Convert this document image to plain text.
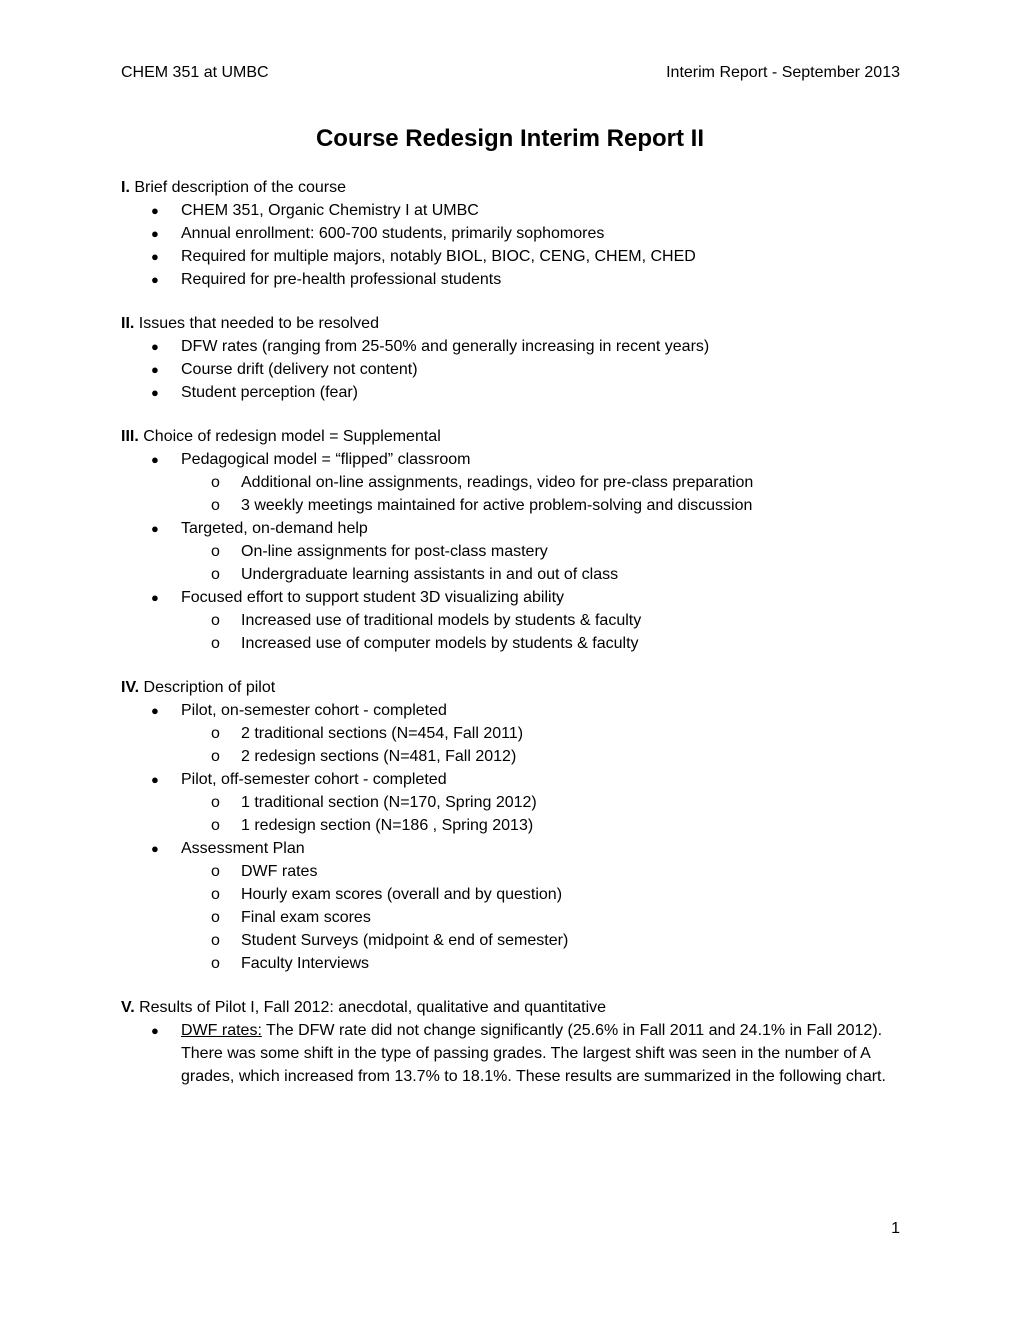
CHEM 351 at UMBC	Interim Report - September 2013
Course Redesign Interim Report II

I. Brief description of the course

● CHEM 351, Organic Chemistry I at UMBC
● Annual enrollment: 600-700 students, primarily sophomores
● Required for multiple majors, notably BIOL, BIOC, CENG, CHEM, CHED
● Required for pre-health professional students

II. Issues that needed to be resolved

● DFW rates (ranging from 25-50% and generally increasing in recent years)
● Course drift (delivery not content)
● Student perception (fear)

III. Choice of redesign model = Supplemental

● Pedagogical model = “flipped” classroom
o Additional on-line assignments, readings, video for pre-class preparation
o 3 weekly meetings maintained for active problem-solving and discussion
● Targeted, on-demand help
o On-line assignments for post-class mastery
o Undergraduate learning assistants in and out of class
● Focused effort to support student 3D visualizing ability
o Increased use of traditional models by students & faculty
o Increased use of computer models by students & faculty

IV. Description of pilot

● Pilot, on-semester cohort - completed
o 2 traditional sections (N=454, Fall 2011)
o 2 redesign sections (N=481, Fall 2012)
● Pilot, off-semester cohort - completed
o 1 traditional section (N=170, Spring 2012)
o 1 redesign section (N=186 , Spring 2013)
● Assessment Plan
o DWF rates
o Hourly exam scores (overall and by question)
o Final exam scores
o Student Surveys (midpoint & end of semester)
o Faculty Interviews

V. Results of Pilot I, Fall 2012: anecdotal, qualitative and quantitative

● DWF rates: The DFW rate did not change significantly (25.6% in Fall 2011 and 24.1% in Fall 2012). There was some shift in the type of passing grades. The largest shift was seen in the number of A grades, which increased from 13.7% to 18.1%. These results are summarized in the following chart.
1
